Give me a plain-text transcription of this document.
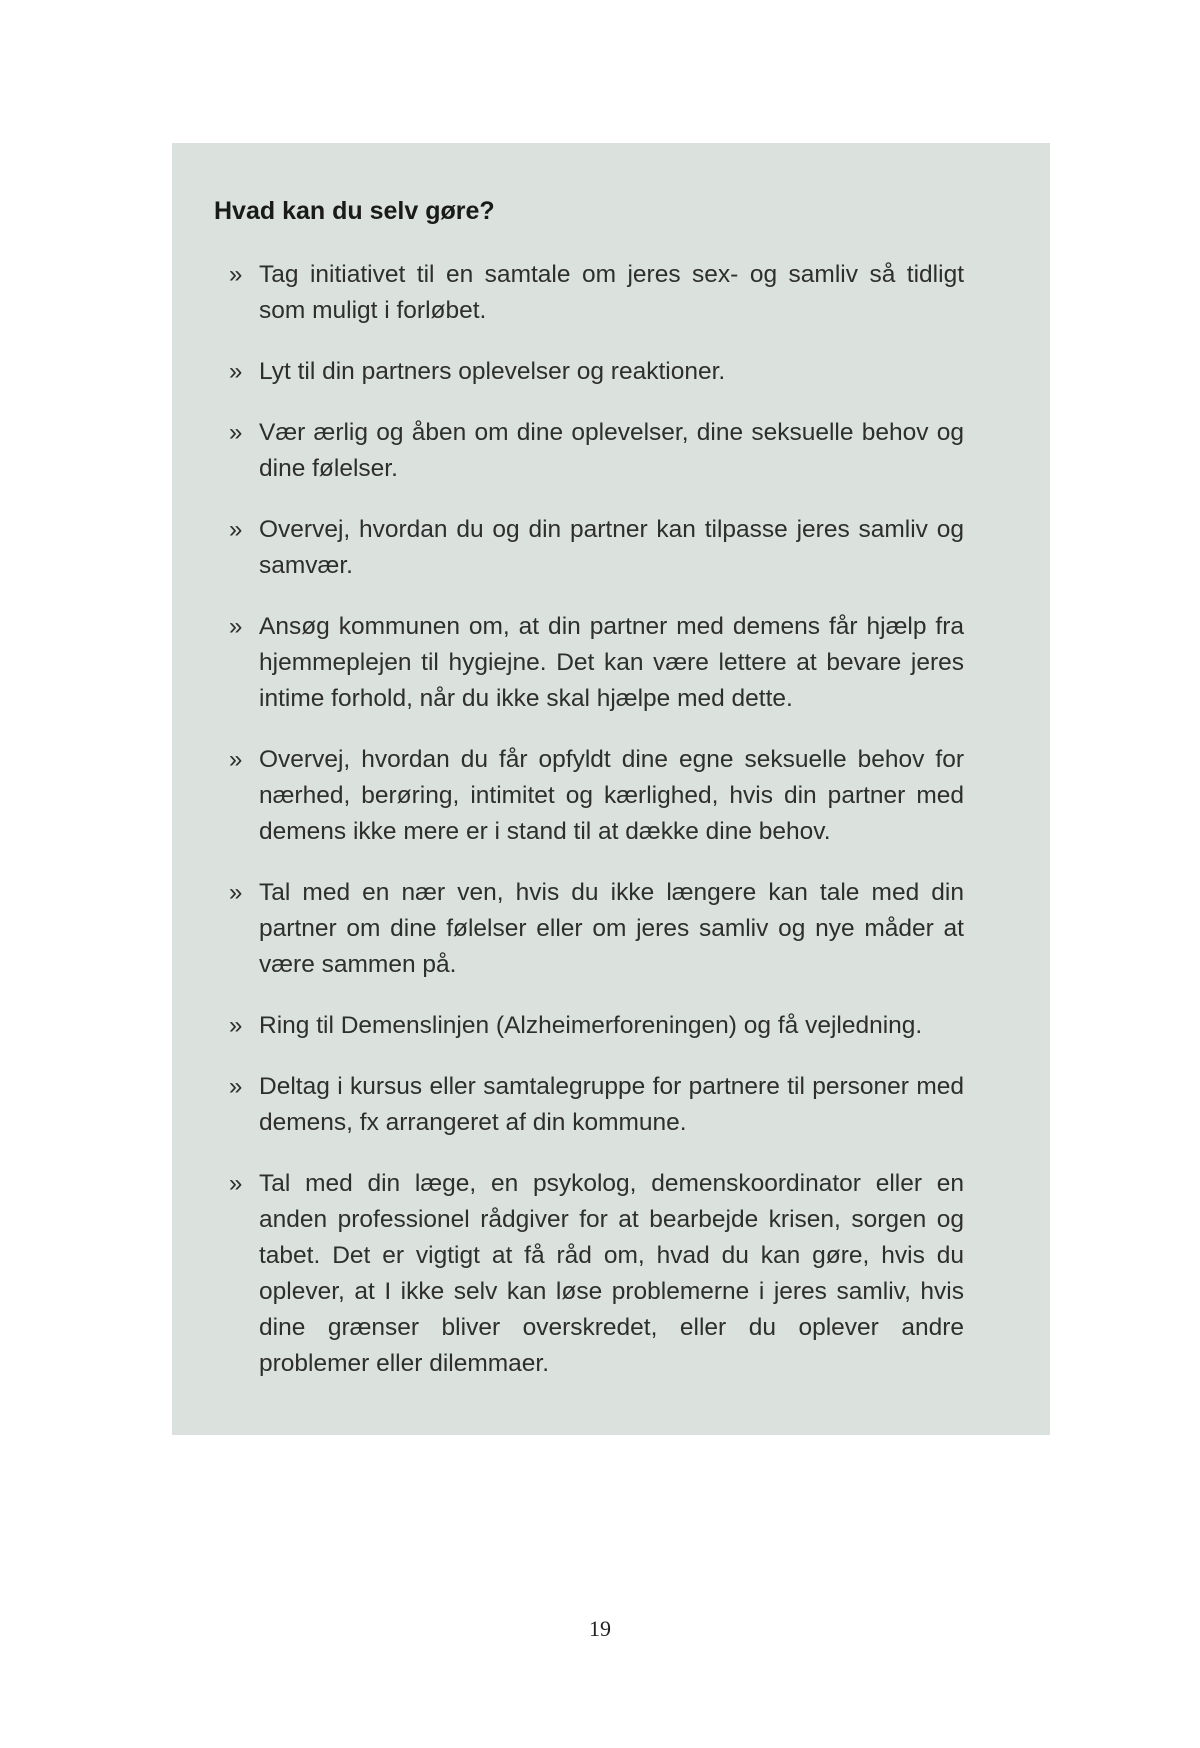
Hvad kan du selv gøre?
» Tag initiativet til en samtale om jeres sex- og samliv så tidligt som muligt i forløbet.
» Lyt til din partners oplevelser og reaktioner.
» Vær ærlig og åben om dine oplevelser, dine seksuelle behov og dine følelser.
» Overvej, hvordan du og din partner kan tilpasse jeres samliv og samvær.
» Ansøg kommunen om, at din partner med demens får hjælp fra hjemmeplejen til hygiejne. Det kan være lettere at bevare jeres intime forhold, når du ikke skal hjælpe med dette.
» Overvej, hvordan du får opfyldt dine egne seksuelle behov for nærhed, berøring, intimitet og kærlighed, hvis din partner med demens ikke mere er i stand til at dække dine behov.
» Tal med en nær ven, hvis du ikke længere kan tale med din partner om dine følelser eller om jeres samliv og nye måder at være sammen på.
» Ring til Demenslinjen (Alzheimerforeningen) og få vejledning.
» Deltag i kursus eller samtalegruppe for partnere til personer med demens, fx arrangeret af din kommune.
» Tal med din læge, en psykolog, demenskoordinator eller en anden professionel rådgiver for at bearbejde krisen, sorgen og tabet. Det er vigtigt at få råd om, hvad du kan gøre, hvis du oplever, at I ikke selv kan løse problemerne i jeres samliv, hvis dine grænser bliver overskredet, eller du oplever andre problemer eller dilemmaer.
19
